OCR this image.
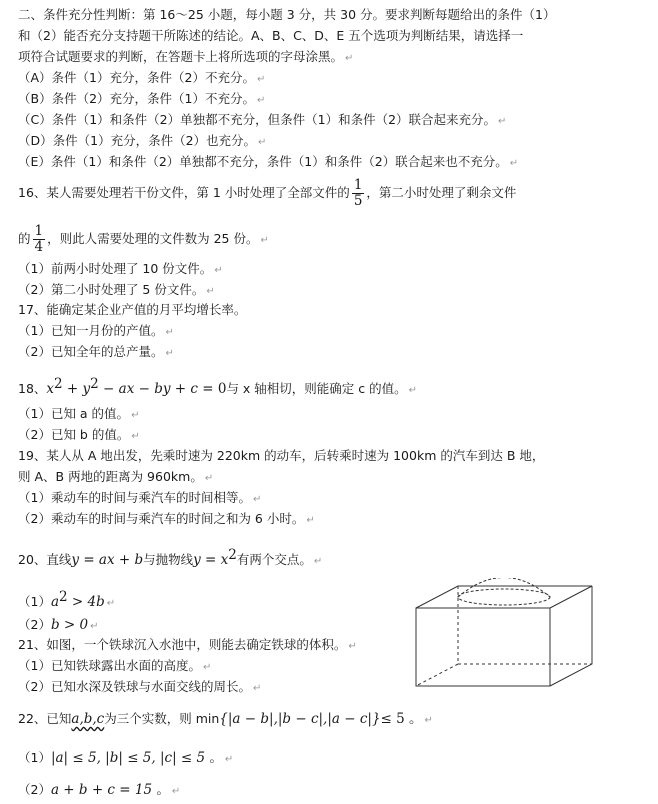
二、条件充分性判断：第 16～25 小题，每小题 3 分，共 30 分。要求判断每题给出的条件（1）
和（2）能否充分支持题干所陈述的结论。A、B、C、D、E 五个选项为判断结果，请选择一
项符合试题要求的判断，在答题卡上将所选项的字母涂黑。 ↵
（A）条件（1）充分，条件（2）不充分。 ↵
（B）条件（2）充分，条件（1）不充分。 ↵
（C）条件（1）和条件（2）单独都不充分，但条件（1）和条件（2）联合起来充分。 ↵
（D）条件（1）充分，条件（2）也充分。 ↵
（E）条件（1）和条件（2）单独都不充分，条件（1）和条件（2）联合起来也不充分。 ↵
16、某人需要处理若干份文件，第 1 小时处理了全部文件的 $\frac{1}{5}$ ，第二小时处理了剩余文件
的 $\frac{1}{4}$ ，则此人需要处理的文件数为 25 份。 ↵
（1）前两小时处理了 10 份文件。 ↵
（2）第二小时处理了 5 份文件。 ↵
17、能确定某企业产值的月平均增长率。
（1）已知一月份的产值。 ↵
（2）已知全年的总产量。 ↵
18、$x^2 + y^2$ − ax − by + c = 0与 x 轴相切，则能确定 c 的值。 ↵
（1）已知 a 的值。 ↵
（2）已知 b 的值。 ↵
19、某人从 A 地出发，先乘时速为 220km 的动车，后转乘时速为 100km 的汽车到达 B 地，
则 A、B 两地的距离为 960km。 ↵
（1）乘动车的时间与乘汽车的时间相等。 ↵
（2）乘动车的时间与乘汽车的时间之和为 6 小时。 ↵
20、直线y = ax + b与抛物线$y = x^2$有两个交点。 ↵
$(1)a^2 > 4b$ ↵
（2）b > 0 ↵
21、如图，一个铁球沉入水池中，则能去确定铁球的体积。 ↵
（1）已知铁球露出水面的高度。 ↵
（2）已知水深及铁球与水面交线的周长。 ↵
22、已知a,b,c为三个实数，则 min{|a − b|,|b − c|,|a − c|}≤ 5 。 ↵
（1）|a| ≤ 5, |b| ≤ 5, |c| ≤ 5 。 ↵
（2）a + b + c = 15 。 ↵
